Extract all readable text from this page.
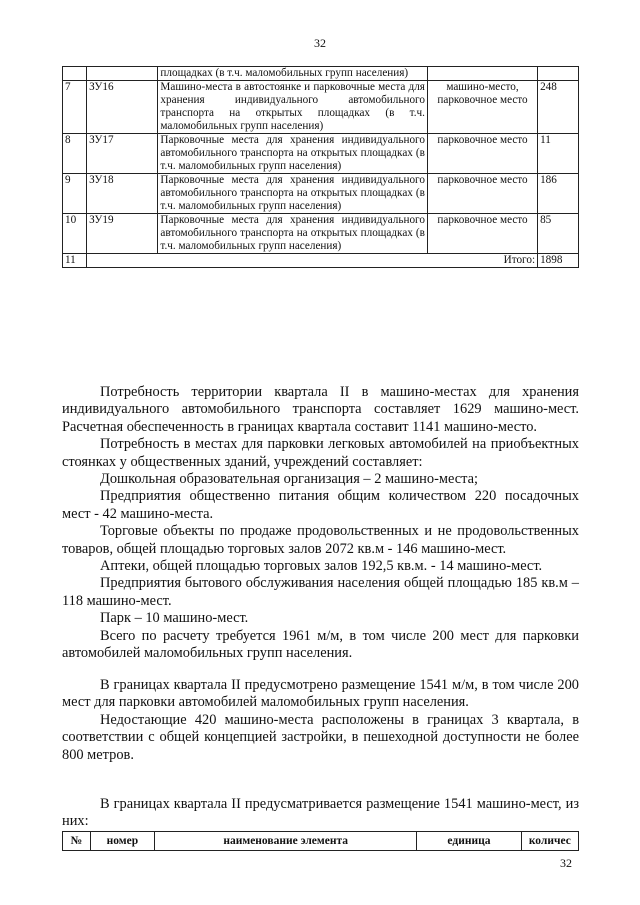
32
		площадках (в т.ч. маломобильных групп населения)		
7	ЗУ16	Машино-места в автостоянке и парковочные места для хранения индивидуального автомобильного транспорта на открытых площадках (в т.ч. маломобильных групп населения)	машино-место, парковочное место	248
8	ЗУ17	Парковочные места для хранения индивидуального автомобильного транспорта на открытых площадках (в т.ч. маломобильных групп населения)	парковочное место	11
9	ЗУ18	Парковочные места для хранения индивидуального автомобильного транспорта на открытых площадках (в т.ч. маломобильных групп населения)	парковочное место	186
10	ЗУ19	Парковочные места для хранения индивидуального автомобильного транспорта на открытых площадках (в т.ч. маломобильных групп населения)	парковочное место	85
11	Итого:			1898

Потребность территории квартала II в машино-местах для хранения индивидуального автомобильного транспорта составляет 1629 машино-мест. Расчетная обеспеченность в границах квартала составит 1141 машино-место.

Потребность в местах для парковки легковых автомобилей на приобъектных стоянках у общественных зданий, учреждений составляет:

Дошкольная образовательная организация – 2 машино-места;

Предприятия общественно питания общим количеством 220 посадочных мест - 42 машино-места.

Торговые объекты по продаже продовольственных и не продовольственных товаров, общей площадью торговых залов 2072 кв.м - 146 машино-мест.

Аптеки, общей площадью торговых залов 192,5 кв.м. - 14 машино-мест.

Предприятия бытового обслуживания населения общей площадью 185 кв.м – 118 машино-мест.

Парк – 10 машино-мест.

Всего по расчету требуется 1961 м/м, в том числе 200 мест для парковки автомобилей маломобильных групп населения.

В границах квартала II предусмотрено размещение 1541 м/м, в том числе 200 мест для парковки автомобилей маломобильных групп населения.

Недостающие 420 машино-места расположены в границах 3 квартала, в соответствии с общей концепцией застройки, в пешеходной доступности не более 800 метров.

В границах квартала II предусматривается размещение 1541 машино-мест, из них:

№	номер	наименование элемента	единица	количес
32
